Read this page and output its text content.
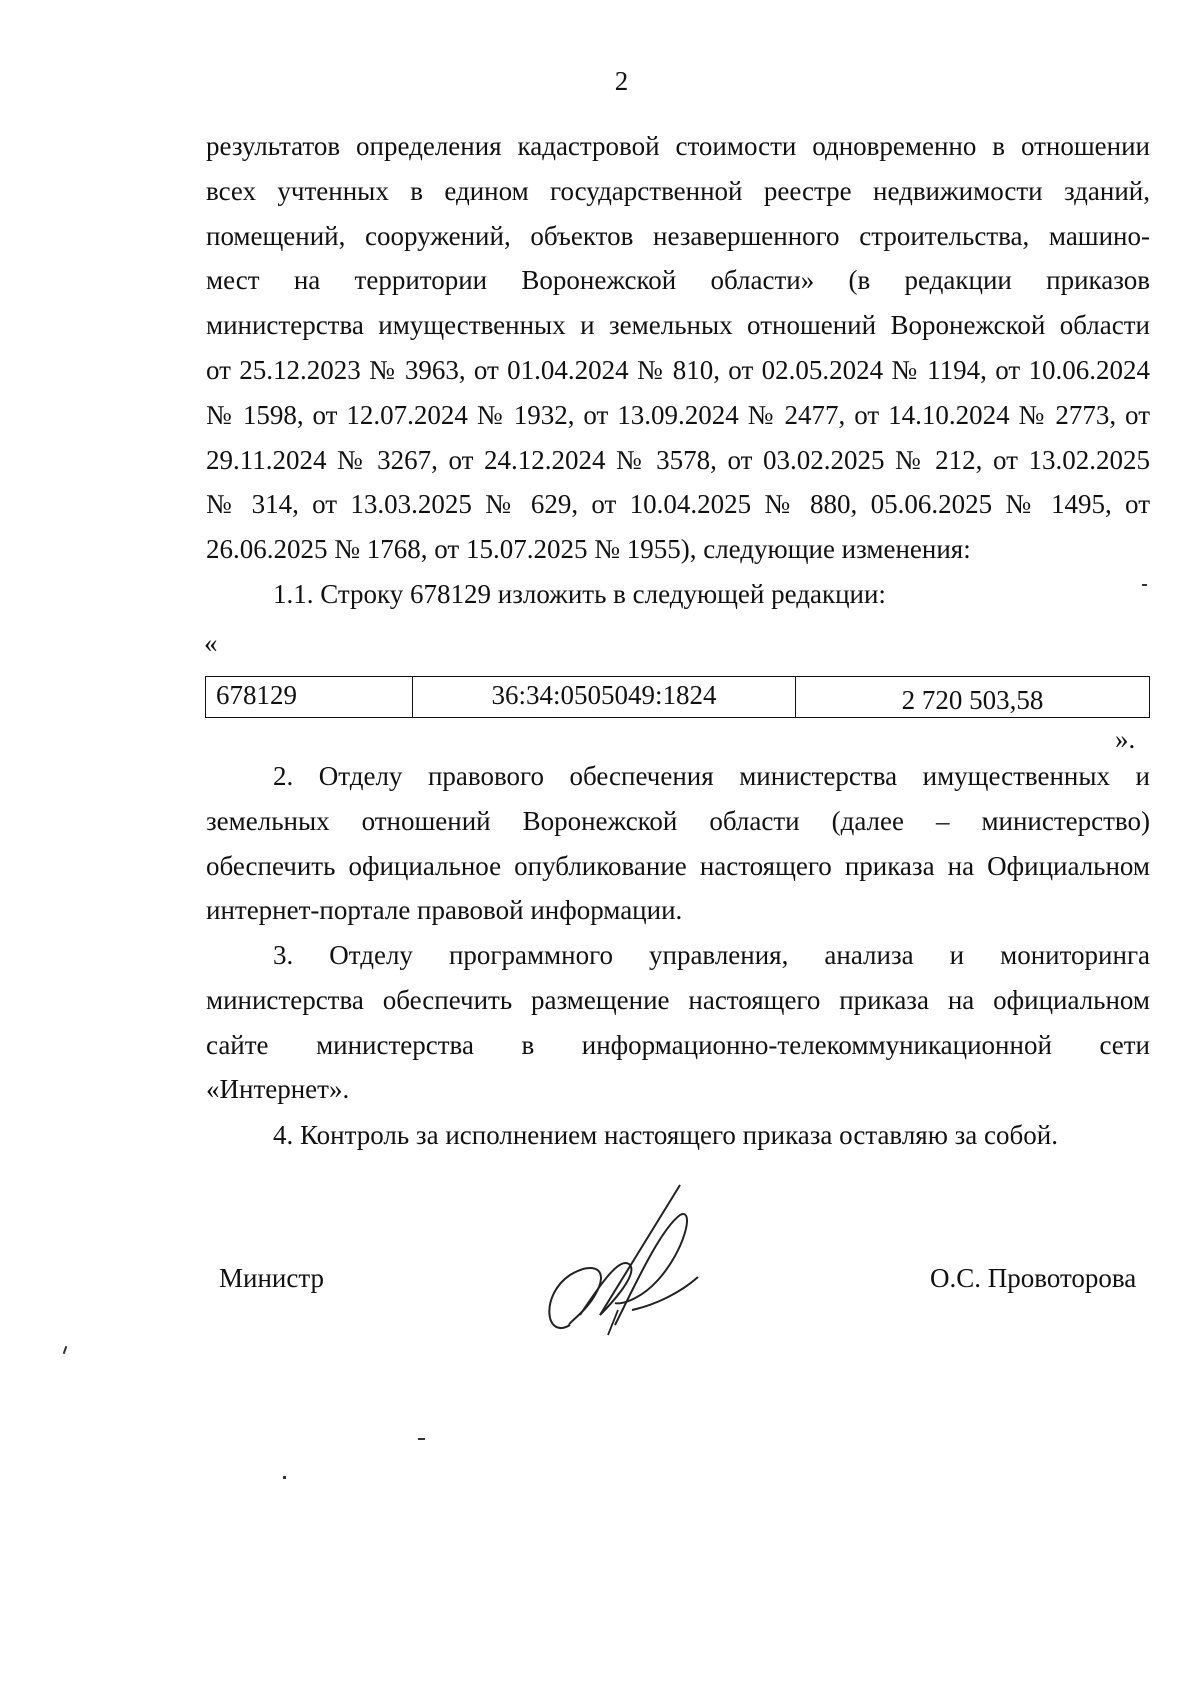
2
результатов определения кадастровой стоимости одновременно в отношении
всех учтенных в едином государственной реестре недвижимости зданий,
помещений, сооружений, объектов незавершенного строительства, машино-
мест на территории Воронежской области» (в редакции приказов
министерства имущественных и земельных отношений Воронежской области
от 25.12.2023 № 3963, от 01.04.2024 № 810, от 02.05.2024 № 1194, от 10.06.2024
№ 1598, от 12.07.2024 № 1932, от 13.09.2024 № 2477, от 14.10.2024 № 2773, от
29.11.2024 № 3267, от 24.12.2024 № 3578, от 03.02.2025 № 212, от 13.02.2025
№ 314, от 13.03.2025 № 629, от 10.04.2025 № 880, 05.06.2025 № 1495, от
26.06.2025 № 1768, от 15.07.2025 № 1955), следующие изменения:
1.1. Строку 678129 изложить в следующей редакции:
«
678129	36:34:0505049:1824	2 720 503,58
».
2. Отделу правового обеспечения министерства имущественных и
земельных отношений Воронежской области (далее – министерство)
обеспечить официальное опубликование настоящего приказа на Официальном
интернет-портале правовой информации.
3. Отделу программного управления, анализа и мониторинга
министерства обеспечить размещение настоящего приказа на официальном
сайте министерства в информационно-телекоммуникационной сети
«Интернет».
4. Контроль за исполнением настоящего приказа оставляю за собой.
Министр	О.С. Провоторова
